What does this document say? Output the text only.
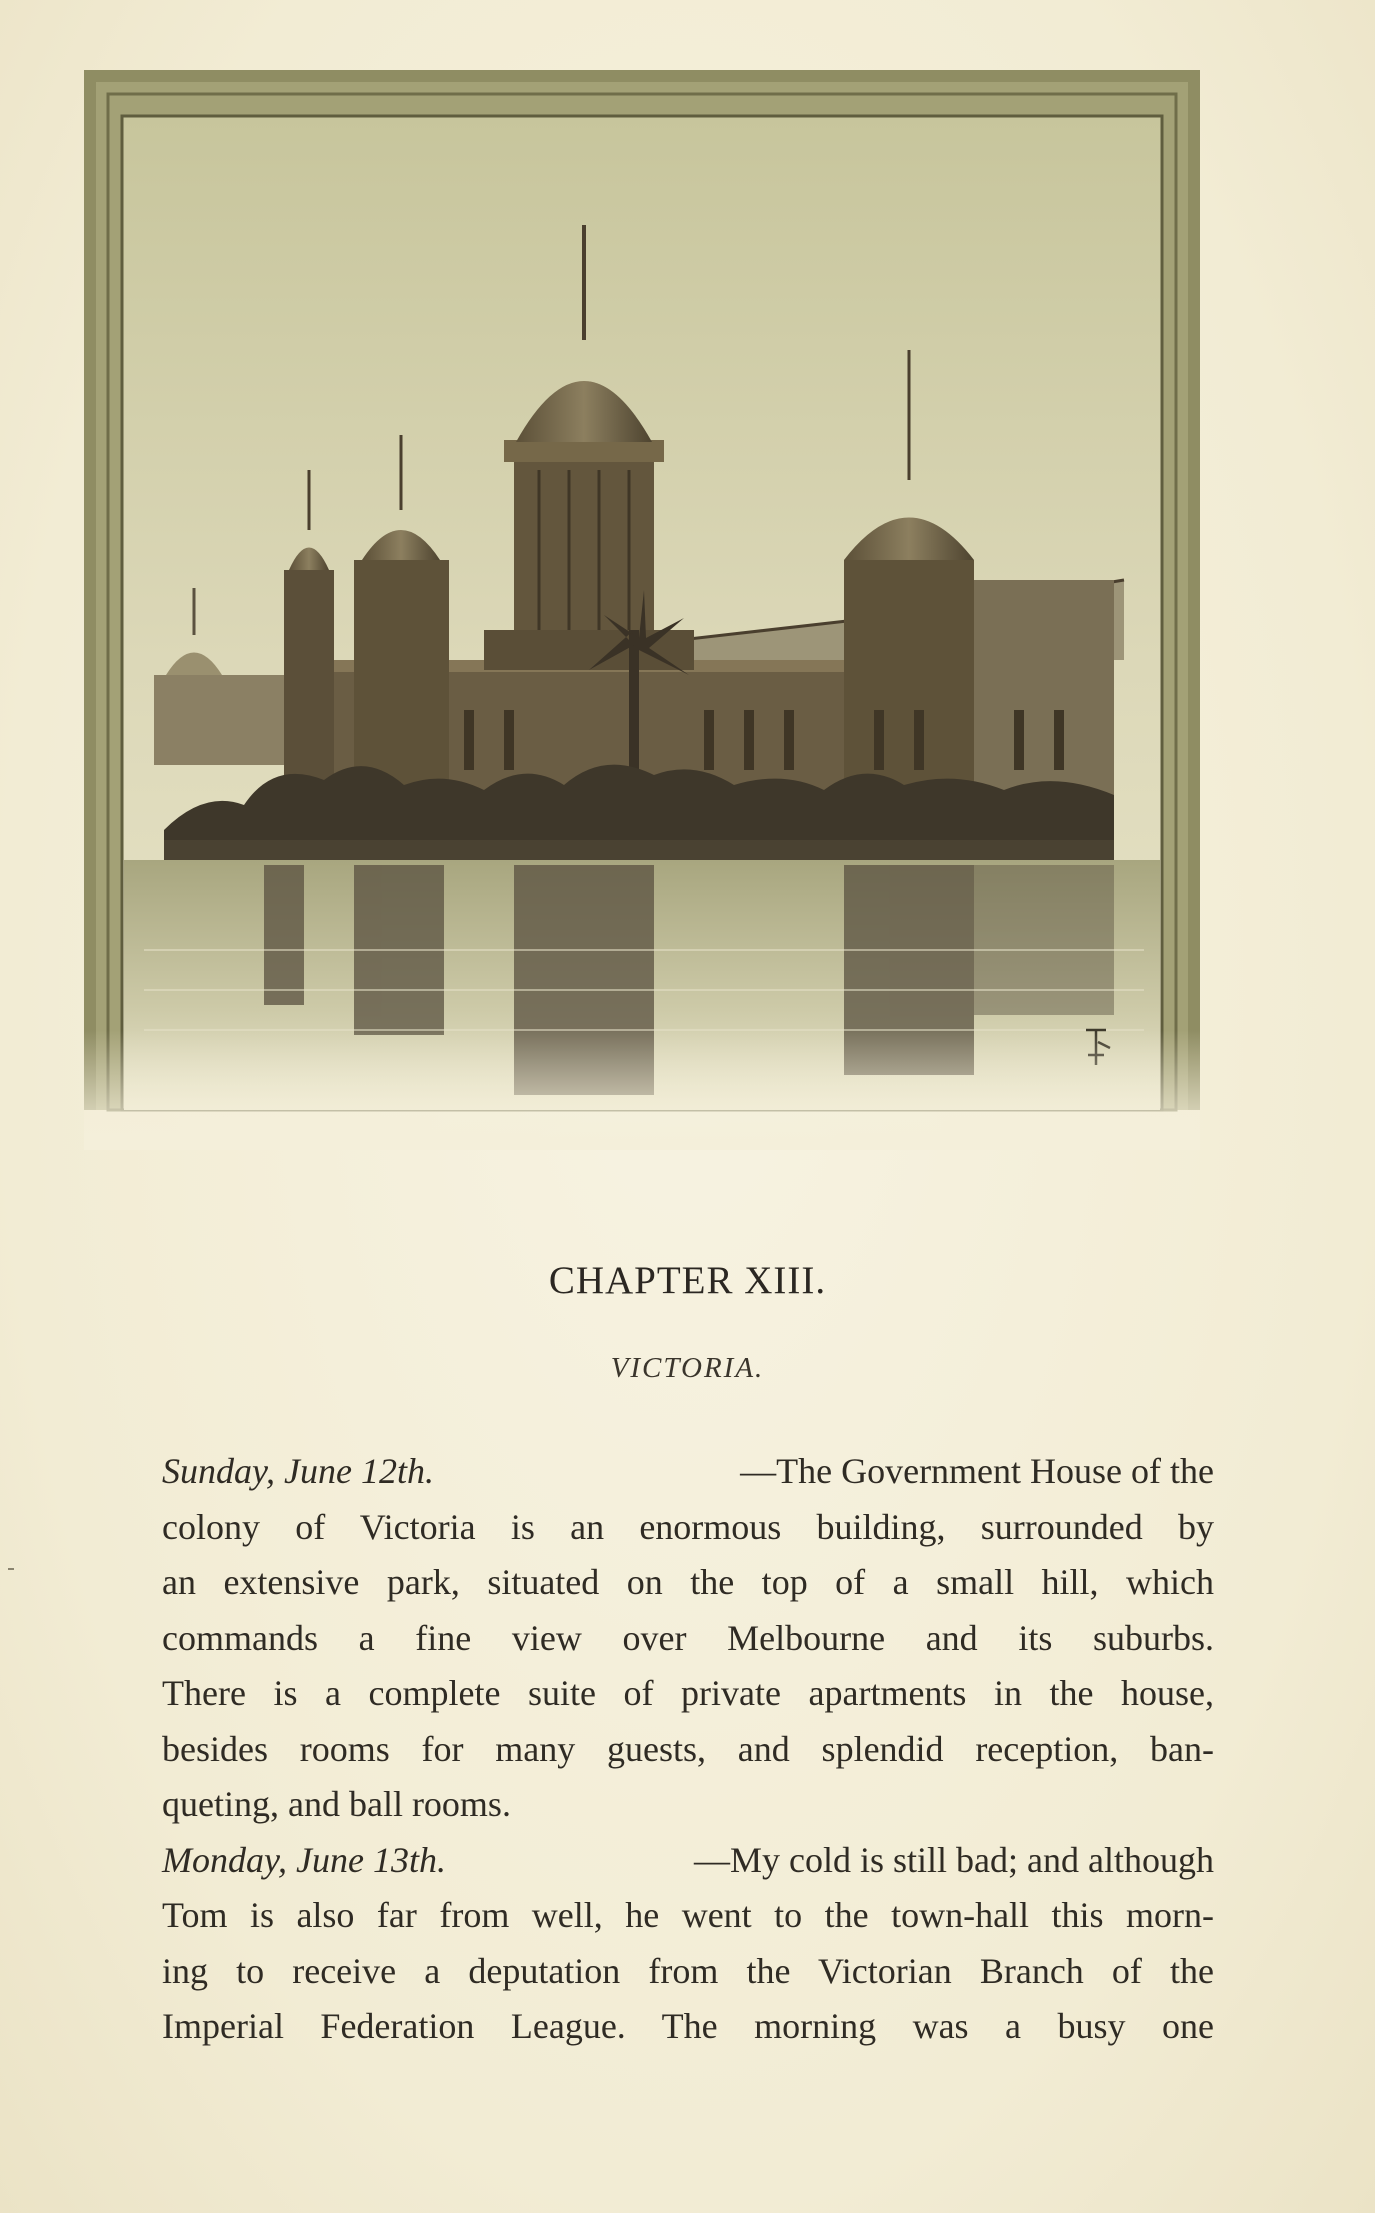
CHAPTER XIII.
VICTORIA.
Sunday, June 12th.	—The Government House of the
colony of Victoria is an enormous building, surrounded by
an extensive park, situated on the top of a small hill, which
commands a fine view over Melbourne and its suburbs.
There is a complete suite of private apartments in the house,
besides rooms for many guests, and splendid reception, ban-
queting, and ball rooms.
Monday, June 13th.	—My cold is still bad; and although
Tom is also far from well, he went to the town-hall this morn-
ing to receive a deputation from the Victorian Branch of the
Imperial Federation League. The morning was a busy one
